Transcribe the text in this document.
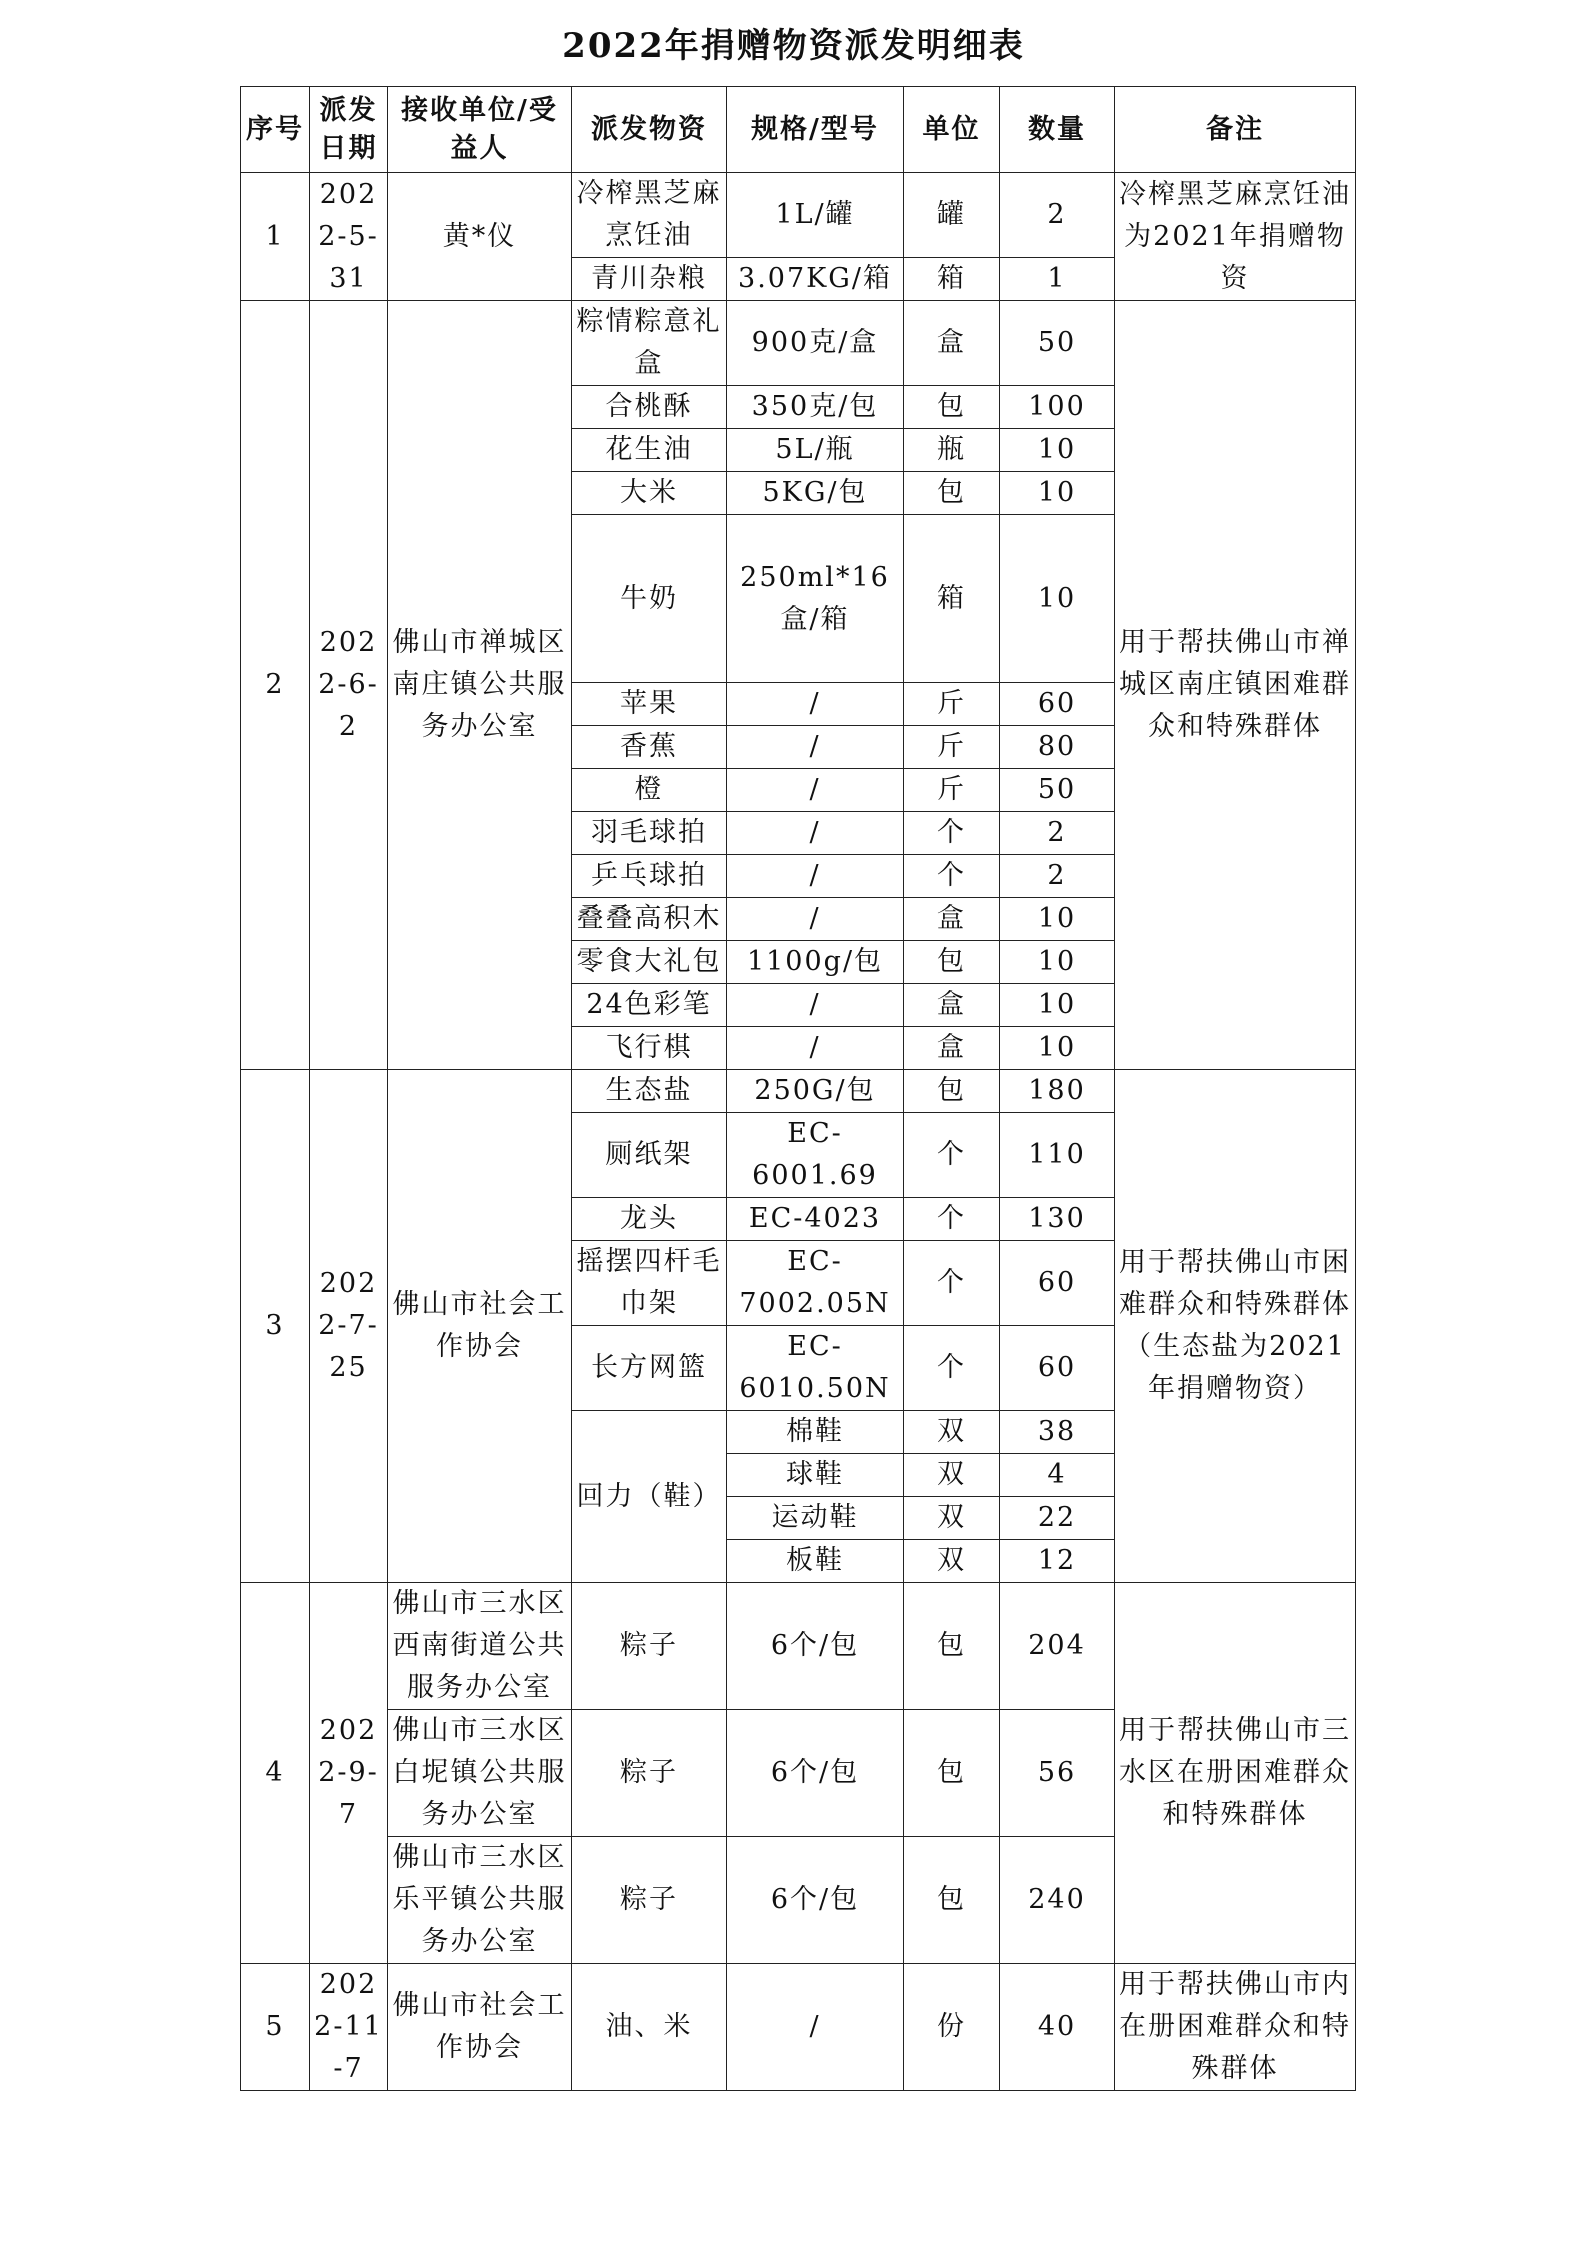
2022年捐赠物资派发明细表
序号	派发日期	接收单位/受益人	派发物资	规格/型号	单位	数量	备注
1	2022-5-31	黄*仪	冷榨黑芝麻烹饪油	1L/罐	罐	2	冷榨黑芝麻烹饪油为2021年捐赠物资
			青川杂粮	3.07KG/箱	箱	1	
2	2022-6-2	佛山市禅城区南庄镇公共服务办公室	粽情粽意礼盒	900克/盒	盒	50	用于帮扶佛山市禅城区南庄镇困难群众和特殊群体
			合桃酥	350克/包	包	100	
			花生油	5L/瓶	瓶	10	
			大米	5KG/包	包	10	
			牛奶	250ml*16盒/箱	箱	10	
			苹果	/	斤	60	
			香蕉	/	斤	80	
			橙	/	斤	50	
			羽毛球拍	/	个	2	
			乒乓球拍	/	个	2	
			叠叠高积木	/	盒	10	
			零食大礼包	1100g/包	包	10	
			24色彩笔	/	盒	10	
			飞行棋	/	盒	10	
3	2022-7-25	佛山市社会工作协会	生态盐	250G/包	包	180	用于帮扶佛山市困难群众和特殊群体（生态盐为2021年捐赠物资）
			厕纸架	EC-6001.69	个	110	
			龙头	EC-4023	个	130	
			摇摆四杆毛巾架	EC-7002.05N	个	60	
			长方网篮	EC-6010.50N	个	60	
			回力（鞋）	棉鞋	双	38	
				球鞋	双	4	
				运动鞋	双	22	
				板鞋	双	12	
4	2022-9-7	佛山市三水区西南街道公共服务办公室	粽子	6个/包	包	204	用于帮扶佛山市三水区在册困难群众和特殊群体
		佛山市三水区白坭镇公共服务办公室	粽子	6个/包	包	56	
		佛山市三水区乐平镇公共服务办公室	粽子	6个/包	包	240	
5	2022-11-7	佛山市社会工作协会	油、米	/	份	40	用于帮扶佛山市内在册困难群众和特殊群体
